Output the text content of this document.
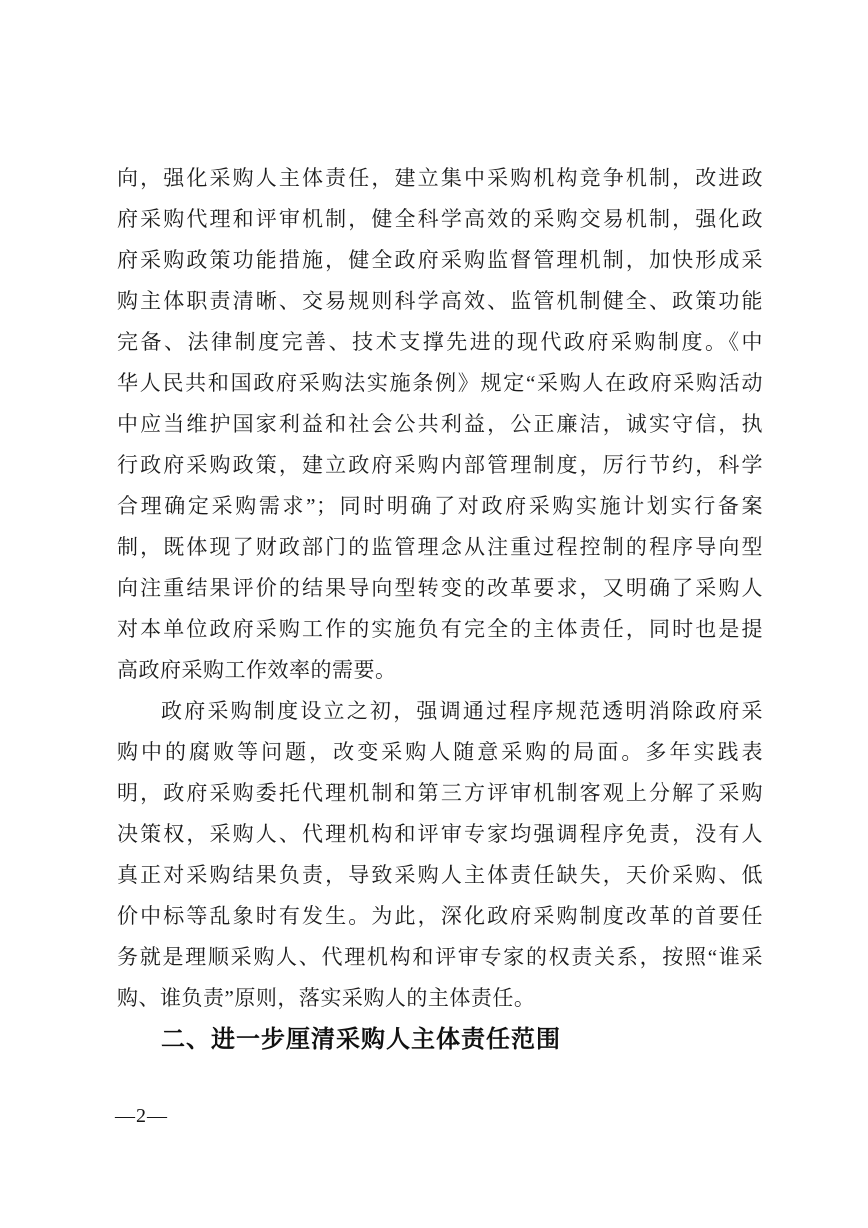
向，强化采购人主体责任，建立集中采购机构竞争机制，改进政
府采购代理和评审机制，健全科学高效的采购交易机制，强化政
府采购政策功能措施，健全政府采购监督管理机制，加快形成采
购主体职责清晰、交易规则科学高效、监管机制健全、政策功能
完备、法律制度完善、技术支撑先进的现代政府采购制度。《中
华人民共和国政府采购法实施条例》规定“采购人在政府采购活动
中应当维护国家利益和社会公共利益，公正廉洁，诚实守信，执
行政府采购政策，建立政府采购内部管理制度，厉行节约，科学
合理确定采购需求”；同时明确了对政府采购实施计划实行备案
制，既体现了财政部门的监管理念从注重过程控制的程序导向型
向注重结果评价的结果导向型转变的改革要求，又明确了采购人
对本单位政府采购工作的实施负有完全的主体责任，同时也是提
高政府采购工作效率的需要。
政府采购制度设立之初，强调通过程序规范透明消除政府采
购中的腐败等问题，改变采购人随意采购的局面。多年实践表
明，政府采购委托代理机制和第三方评审机制客观上分解了采购
决策权，采购人、代理机构和评审专家均强调程序免责，没有人
真正对采购结果负责，导致采购人主体责任缺失，天价采购、低
价中标等乱象时有发生。为此，深化政府采购制度改革的首要任
务就是理顺采购人、代理机构和评审专家的权责关系，按照“谁采
购、谁负责”原则，落实采购人的主体责任。
二、进一步厘清采购人主体责任范围
—2—
